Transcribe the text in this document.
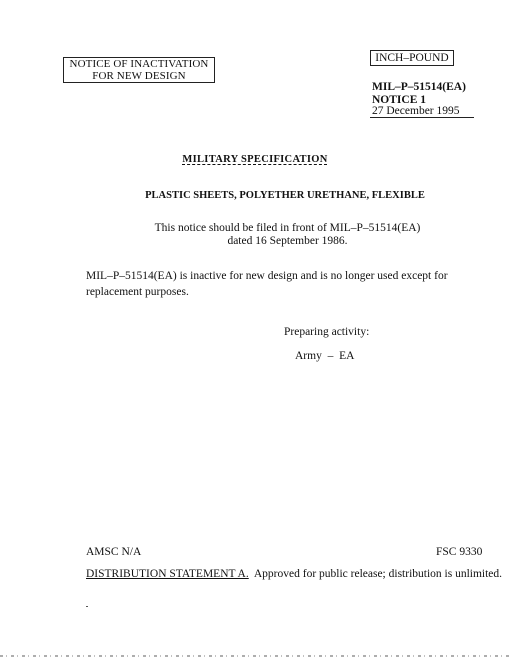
NOTICE OF INACTIVATION
FOR NEW DESIGN
INCH–POUND
MIL–P–51514(EA)
NOTICE 1
27 December 1995
MILITARY SPECIFICATION
PLASTIC SHEETS, POLYETHER URETHANE, FLEXIBLE
This notice should be filed in front of MIL–P–51514(EA)
dated 16 September 1986.
MIL–P–51514(EA) is inactive for new design and is no longer used except for replacement purposes.
Preparing activity:
Army  –  EA
AMSC N/A	FSC 9330
DISTRIBUTION STATEMENT A. Approved for public release; distribution is unlimited.
